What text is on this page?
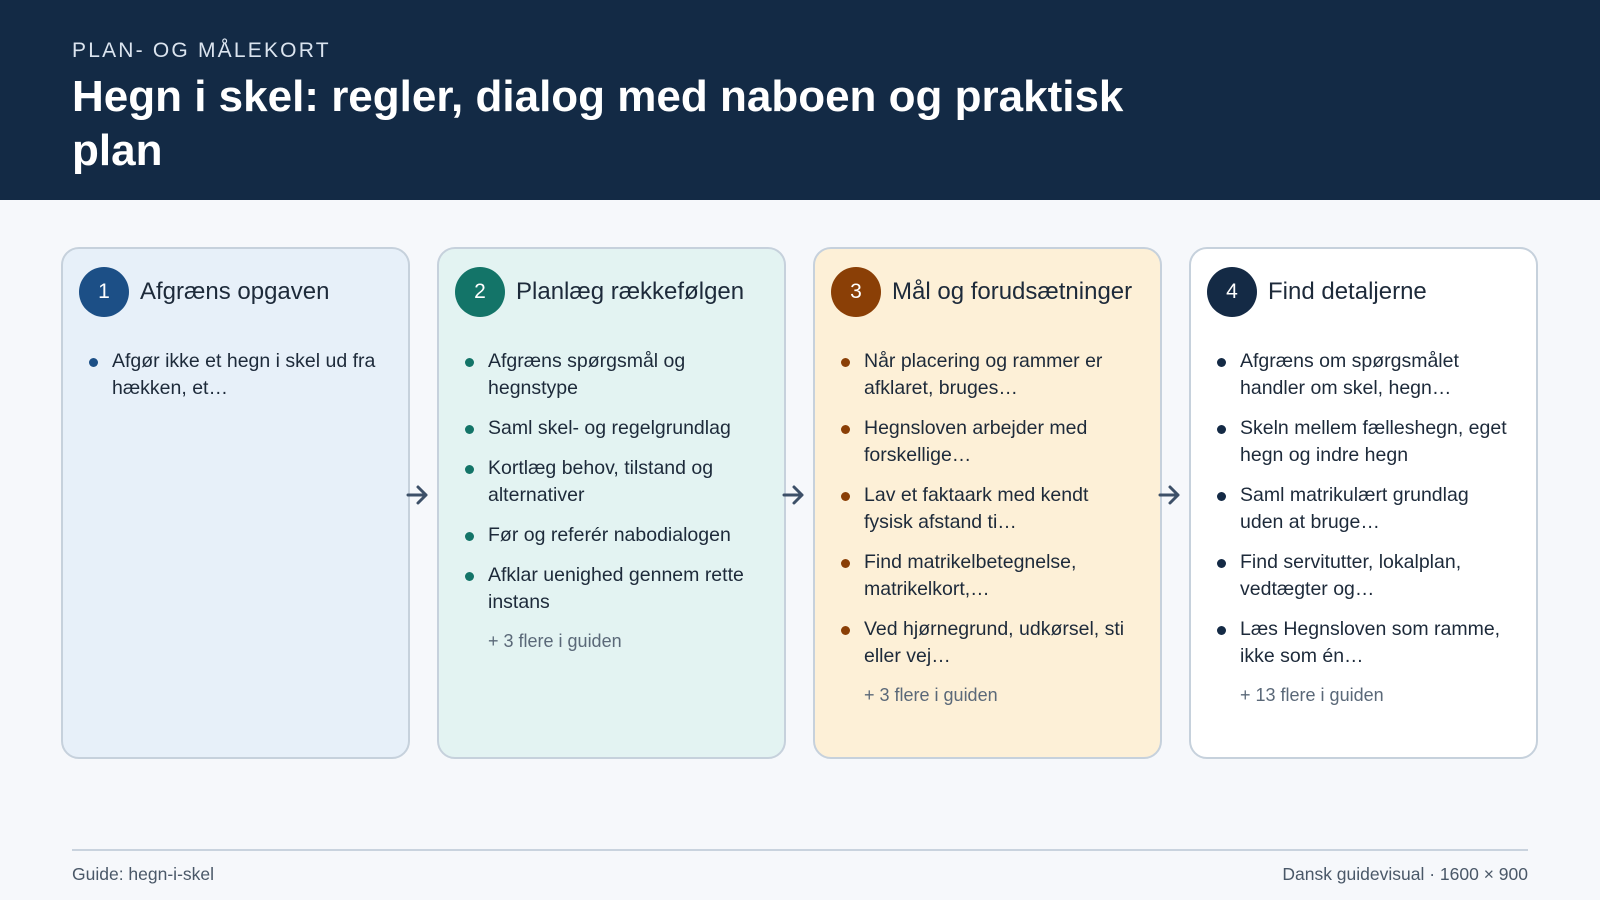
PLAN- OG MÅLEKORT
Hegn i skel: regler, dialog med naboen og praktisk plan
1	Afgræns opgaven
Afgør ikke et hegn i skel ud fra hækken, et…
2	Planlæg rækkefølgen
Afgræns spørgsmål og hegnstype
Saml skel- og regelgrundlag
Kortlæg behov, tilstand og alternativer
Før og referér nabodialogen
Afklar uenighed gennem rette instans
+ 3 flere i guiden
3	Mål og forudsætninger
Når placering og rammer er afklaret, bruges…
Hegnsloven arbejder med forskellige…
Lav et faktaark med kendt fysisk afstand ti…
Find matrikelbetegnelse, matrikelkort,…
Ved hjørnegrund, udkørsel, sti eller vej…
+ 3 flere i guiden
4	Find detaljerne
Afgræns om spørgsmålet handler om skel, hegn…
Skeln mellem fælleshegn, eget hegn og indre hegn
Saml matrikulært grundlag uden at bruge…
Find servitutter, lokalplan, vedtægter og…
Læs Hegnsloven som ramme, ikke som én…
+ 13 flere i guiden
Guide: hegn-i-skel	Dansk guidevisual · 1600 × 900
